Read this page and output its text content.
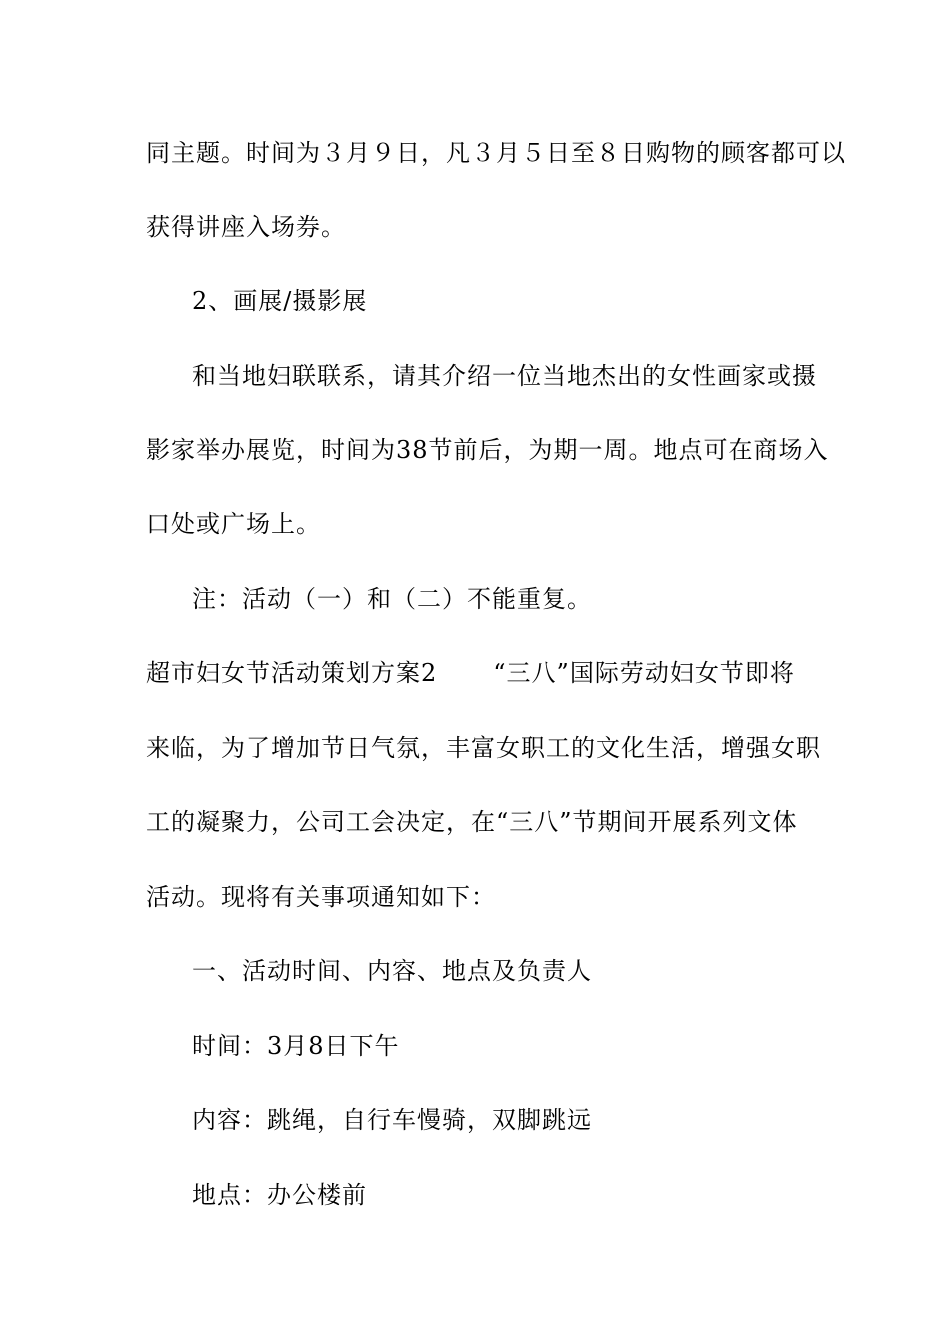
同主题。时间为３月９日，凡３月５日至８日购物的顾客都可以
获得讲座入场券。
2、画展/摄影展
和当地妇联联系，请其介绍一位当地杰出的女性画家或摄
影家举办展览，时间为38节前后，为期一周。地点可在商场入
口处或广场上。
注：活动（一）和（二）不能重复。
超市妇女节活动策划方案2 “三八”国际劳动妇女节即将
来临，为了增加节日气氛，丰富女职工的文化生活，增强女职
工的凝聚力，公司工会决定，在“三八”节期间开展系列文体
活动。现将有关事项通知如下：
一、活动时间、内容、地点及负责人
时间：3月8日下午
内容：跳绳，自行车慢骑，双脚跳远
地点：办公楼前
